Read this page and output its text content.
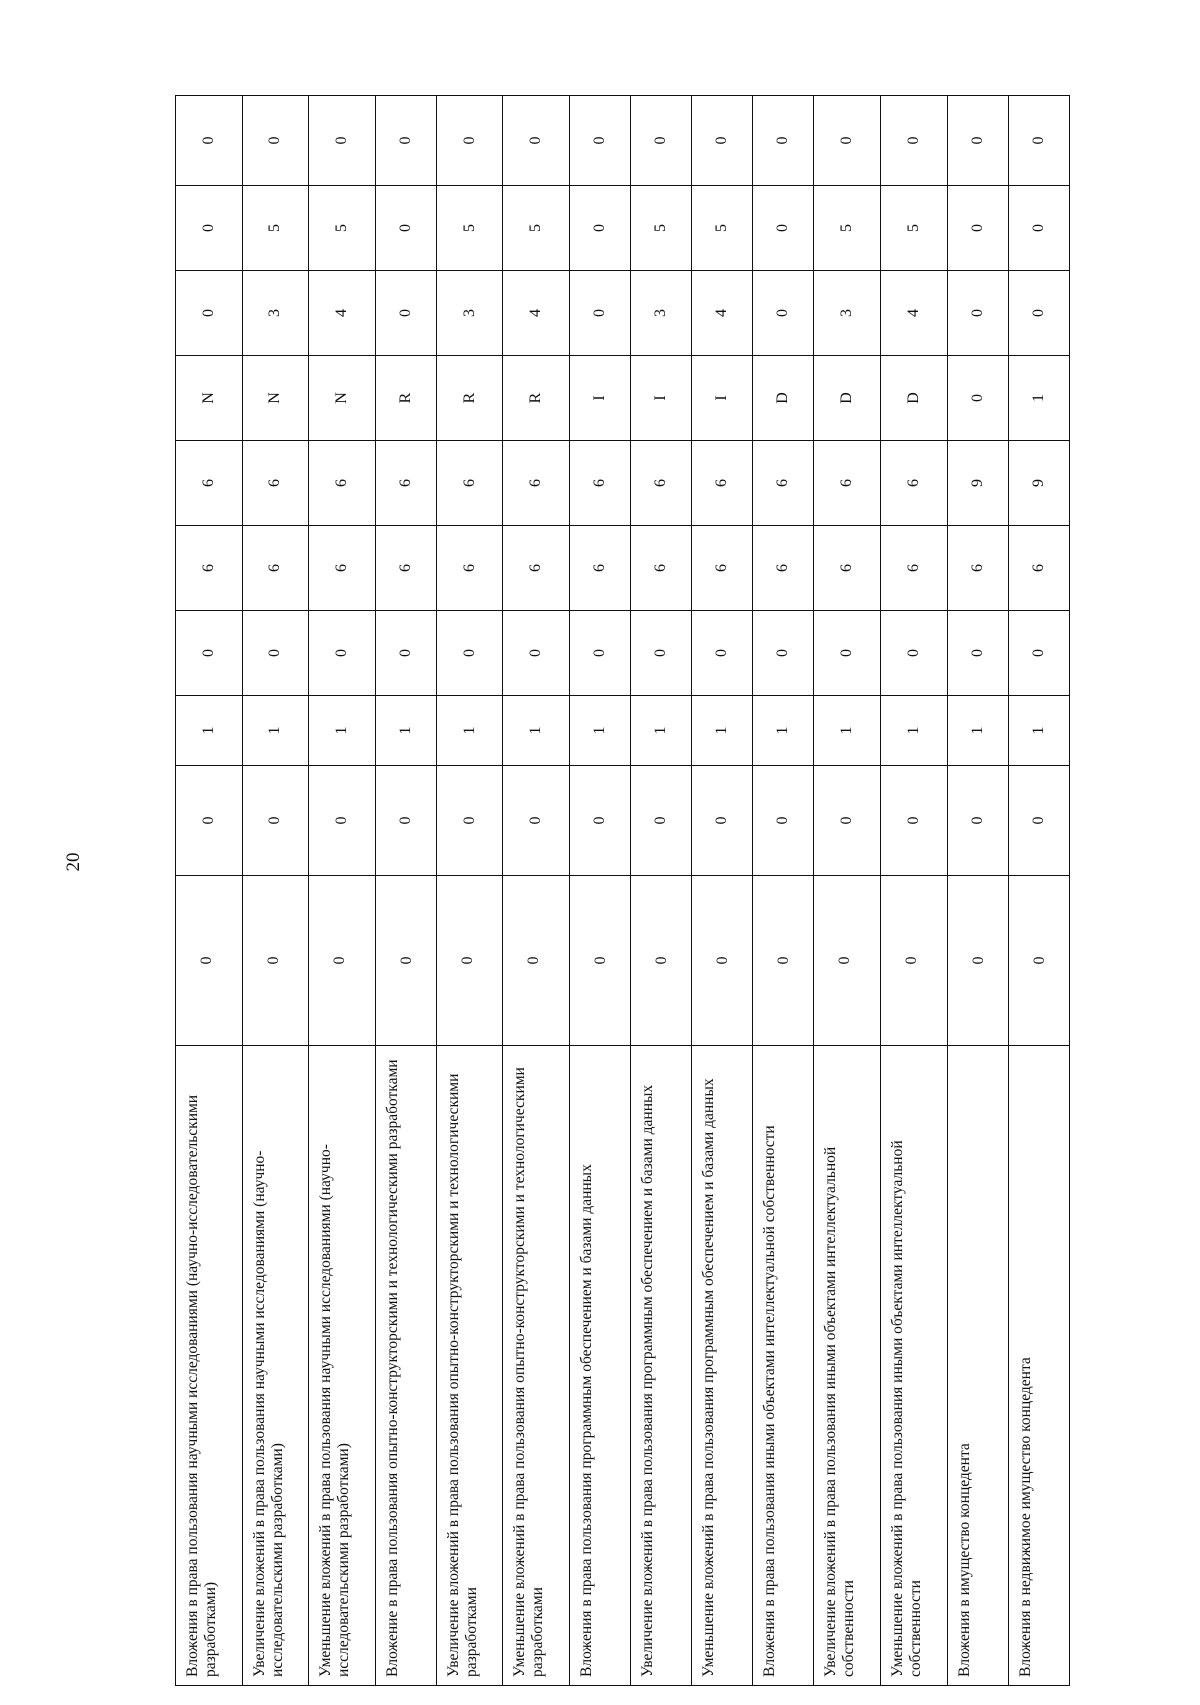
20
Вложения в права пользования научными исследованиями (научно-исследовательскими разработками)	0	0	1	0	6	6	N	0	0	0
Увеличение вложений в права пользования научными исследованиями (научно-исследовательскими разработками)	0	0	1	0	6	6	N	3	5	0
Уменьшение вложений в права пользования научными исследованиями (научно-исследовательскими разработками)	0	0	1	0	6	6	N	4	5	0
Вложение в права пользования опытно-конструкторскими и технологическими разработками	0	0	1	0	6	6	R	0	0	0
Увеличение вложений в права пользования опытно-конструкторскими и технологическими разработками	0	0	1	0	6	6	R	3	5	0
Уменьшение вложений в права пользования опытно-конструкторскими и технологическими разработками	0	0	1	0	6	6	R	4	5	0
Вложения в права пользования программным обеспечением и базами данных	0	0	1	0	6	6	I	0	0	0
Увеличение вложений в права пользования программным обеспечением и базами данных	0	0	1	0	6	6	I	3	5	0
Уменьшение вложений в права пользования программным обеспечением и базами данных	0	0	1	0	6	6	I	4	5	0
Вложения в права пользования иными объектами интеллектуальной собственности	0	0	1	0	6	6	D	0	0	0
Увеличение вложений в права пользования иными объектами интеллектуальной собственности	0	0	1	0	6	6	D	3	5	0
Уменьшение вложений в права пользования иными объектами интеллектуальной собственности	0	0	1	0	6	6	D	4	5	0
Вложения в имущество концедента	0	0	1	0	6	9	0	0	0	0
Вложения в недвижимое имущество концедента	0	0	1	0	6	9	1	0	0	0
